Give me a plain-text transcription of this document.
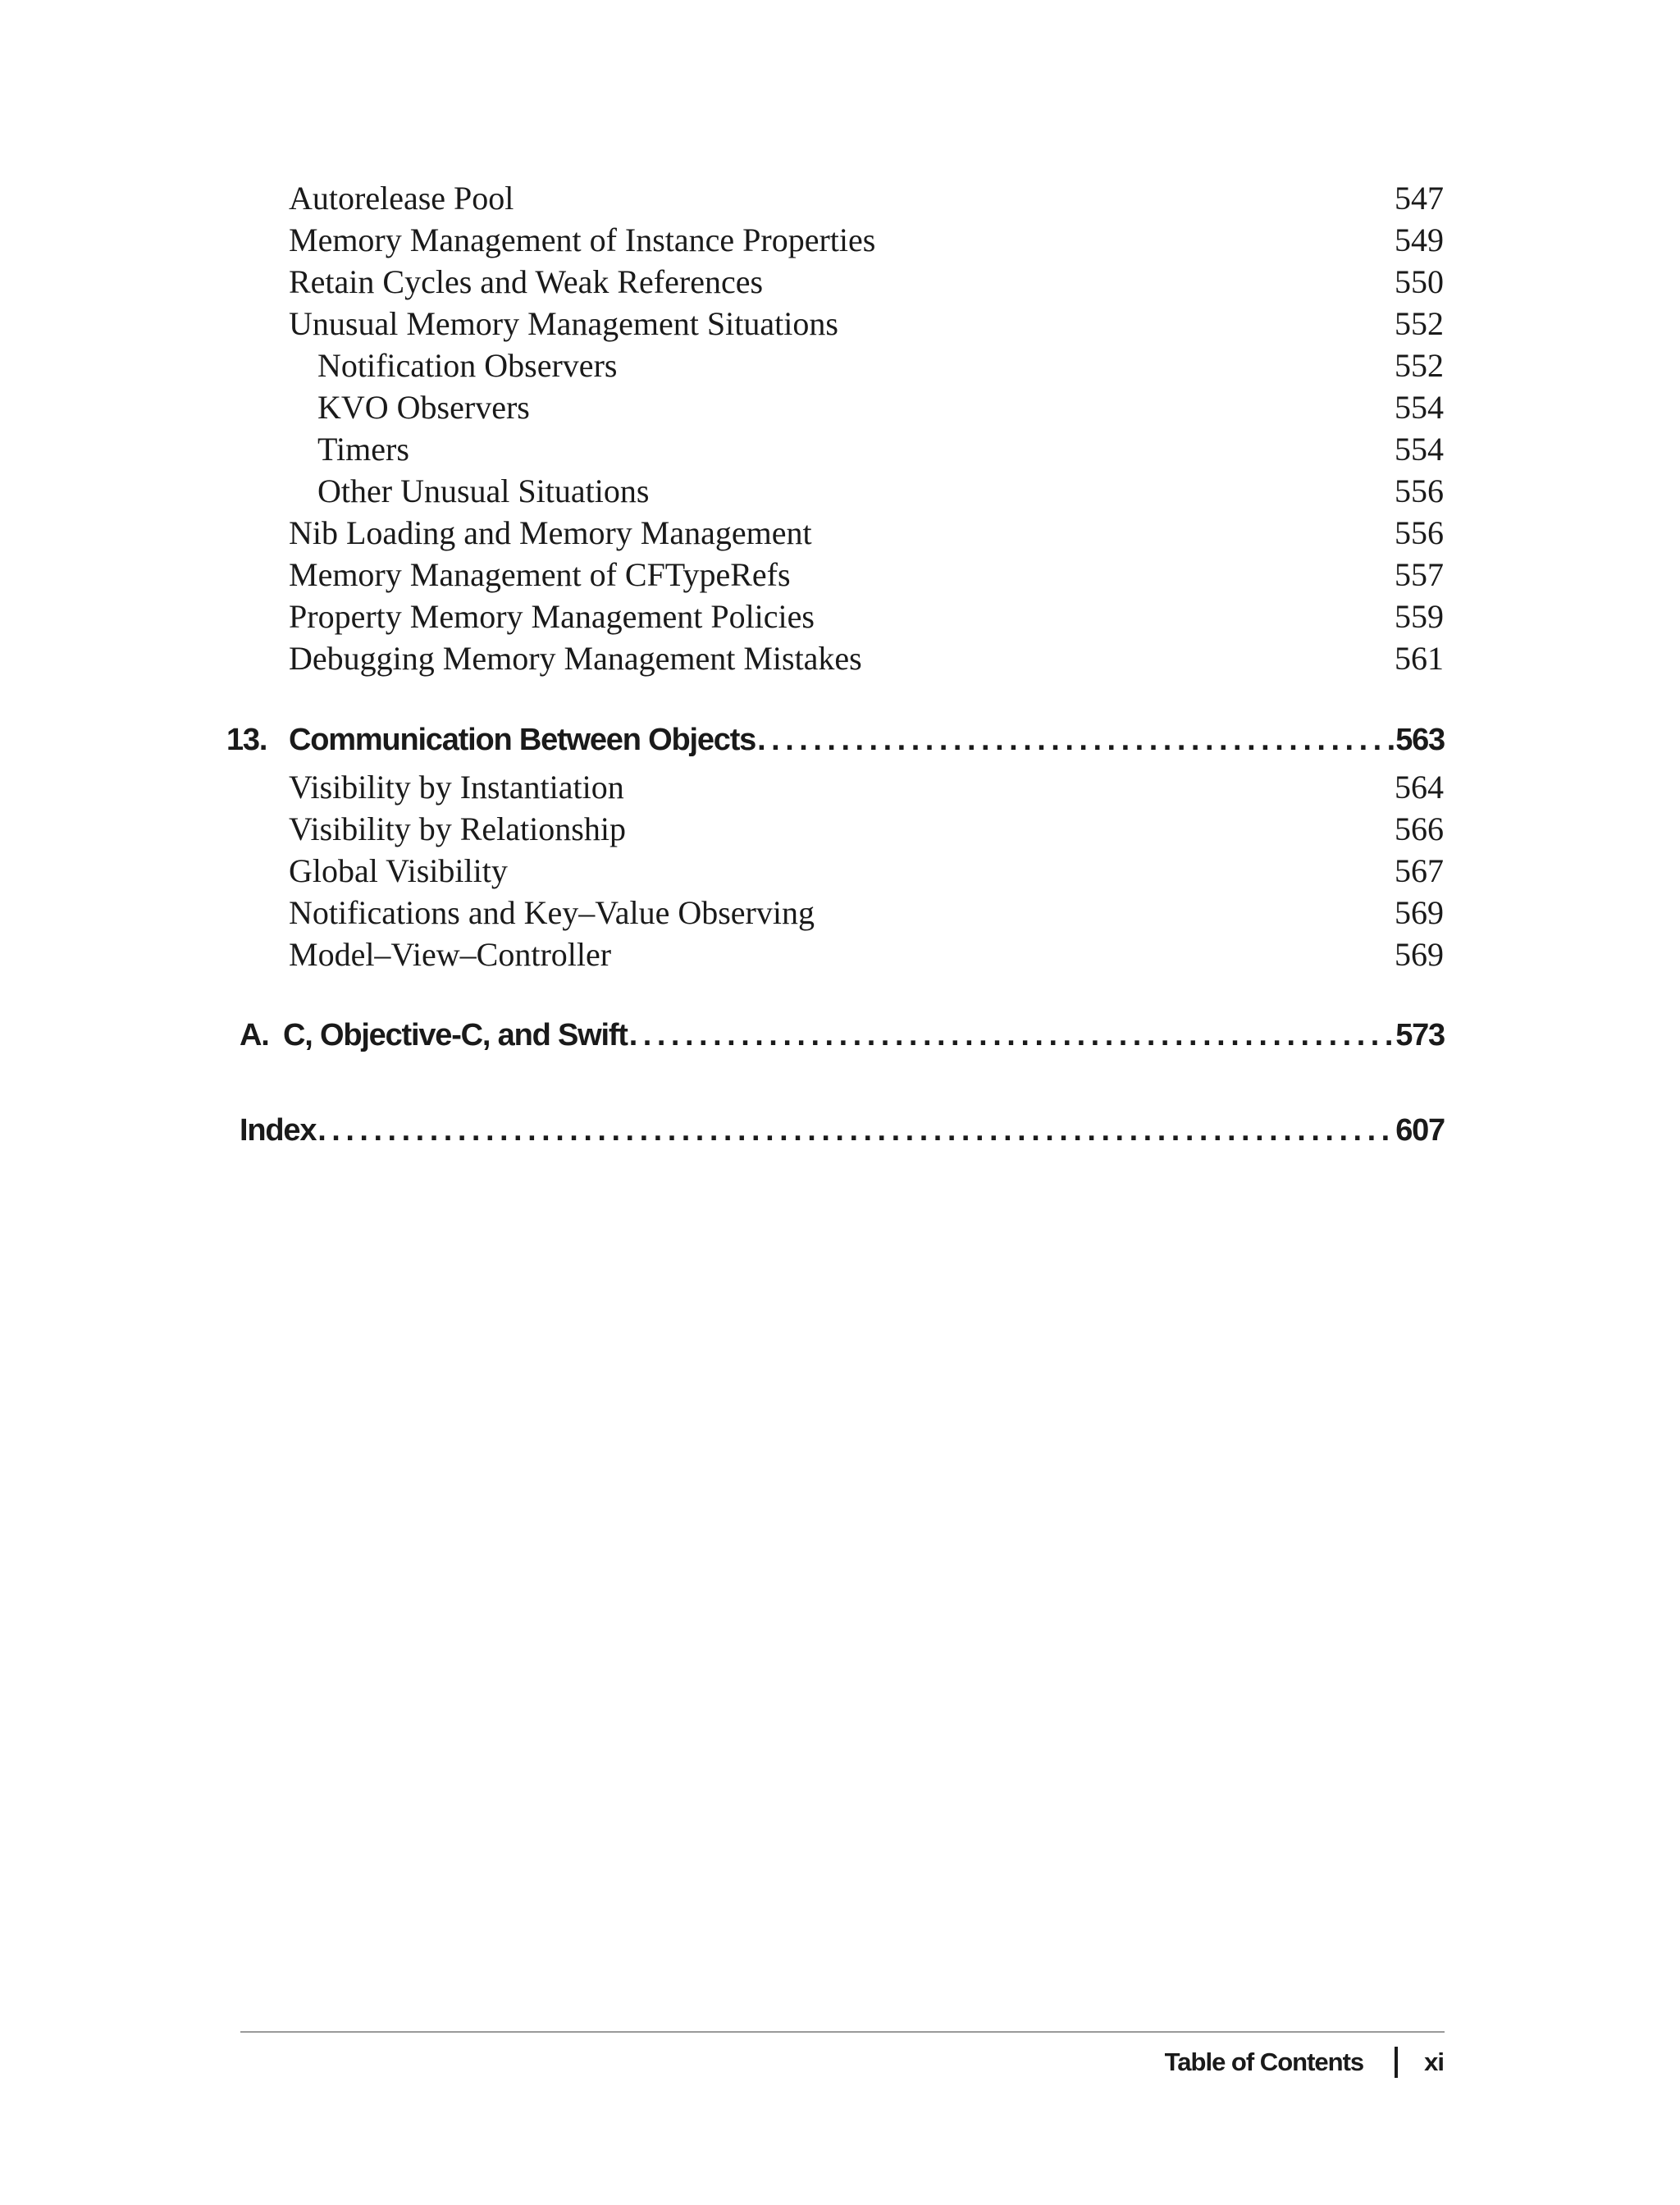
Autorelease Pool	547
Memory Management of Instance Properties	549
Retain Cycles and Weak References	550
Unusual Memory Management Situations	552
Notification Observers	552
KVO Observers	554
Timers	554
Other Unusual Situations	556
Nib Loading and Memory Management	556
Memory Management of CFTypeRefs	557
Property Memory Management Policies	559
Debugging Memory Management Mistakes	561
13. Communication Between Objects .....	563
Visibility by Instantiation	564
Visibility by Relationship	566
Global Visibility	567
Notifications and Key–Value Observing	569
Model–View–Controller	569
A. C, Objective-C, and Swift .....	573
Index .....	607
Table of Contents xi
